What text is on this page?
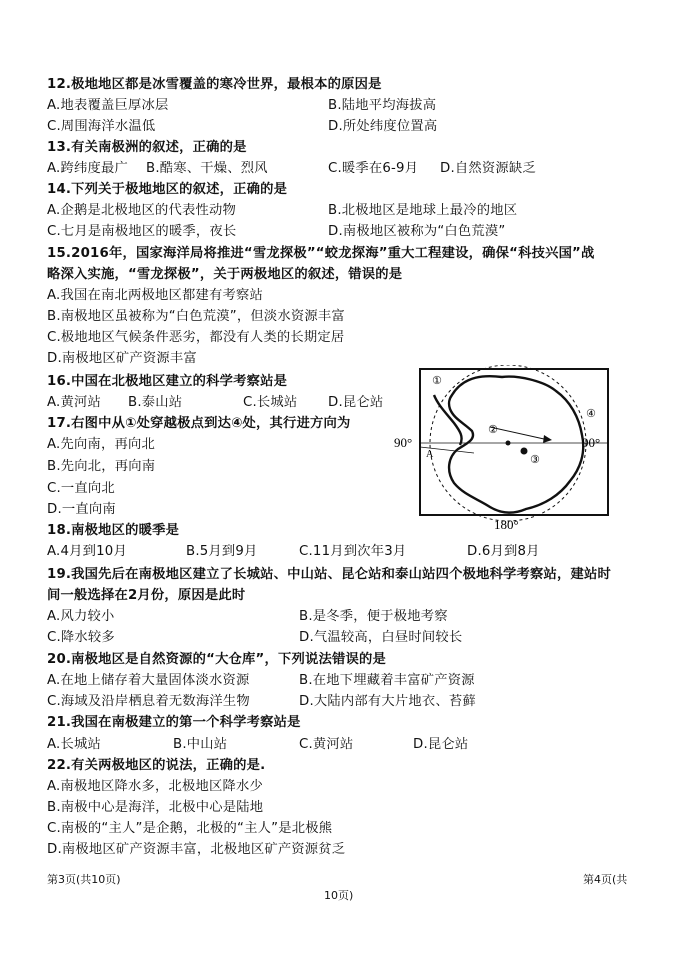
12.极地地区都是冰雪覆盖的寒冷世界，最根本的原因是
A.地表覆盖巨厚冰层	B.陆地平均海拔高
C.周围海洋水温低	D.所处纬度位置高
13.有关南极洲的叙述，正确的是
A.跨纬度最广 B.酷寒、干燥、烈风	C.暖季在6-9月 D.自然资源缺乏
14.下列关于极地地区的叙述，正确的是
A.企鹅是北极地区的代表性动物	B.北极地区是地球上最冷的地区
C.七月是南极地区的暖季，夜长	D.南极地区被称为“白色荒漠”
15.2016年，国家海洋局将推进“雪龙探极”“蛟龙探海”重大工程建设，确保“科技兴国”战
略深入实施，“雪龙探极”，关于两极地区的叙述，错误的是
A.我国在南北两极地区都建有考察站
B.南极地区虽被称为“白色荒漠”，但淡水资源丰富
C.极地地区气候条件恶劣，都没有人类的长期定居
D.南极地区矿产资源丰富
16.中国在北极地区建立的科学考察站是
A.黄河站 B.泰山站	C.长城站 D.昆仑站
17.右图中从①处穿越极点到达④处，其行进方向为
A.先向南，再向北
B.先向北，再向南
C.一直向北
D.一直向南
90°	90°
180°
A
①
②
③
④
18.南极地区的暖季是
A.4月到10月	B.5月到9月	C.11月到次年3月	D.6月到8月
19.我国先后在南极地区建立了长城站、中山站、昆仑站和泰山站四个极地科学考察站，建站时
间一般选择在2月份，原因是此时
A.风力较小	B.是冬季，便于极地考察
C.降水较多	D.气温较高，白昼时间较长
20.南极地区是自然资源的“大仓库”，下列说法错误的是
A.在地上储存着大量固体淡水资源	B.在地下埋藏着丰富矿产资源
C.海域及沿岸栖息着无数海洋生物	D.大陆内部有大片地衣、苔藓
21.我国在南极建立的第一个科学考察站是
A.长城站	B.中山站	C.黄河站	D.昆仑站
22.有关两极地区的说法，正确的是.
A.南极地区降水多，北极地区降水少
B.南极中心是海洋，北极中心是陆地
C.南极的“主人”是企鹅，北极的“主人”是北极熊
D.南极地区矿产资源丰富，北极地区矿产资源贫乏
第3页(共10页)	第4页(共
10页)
